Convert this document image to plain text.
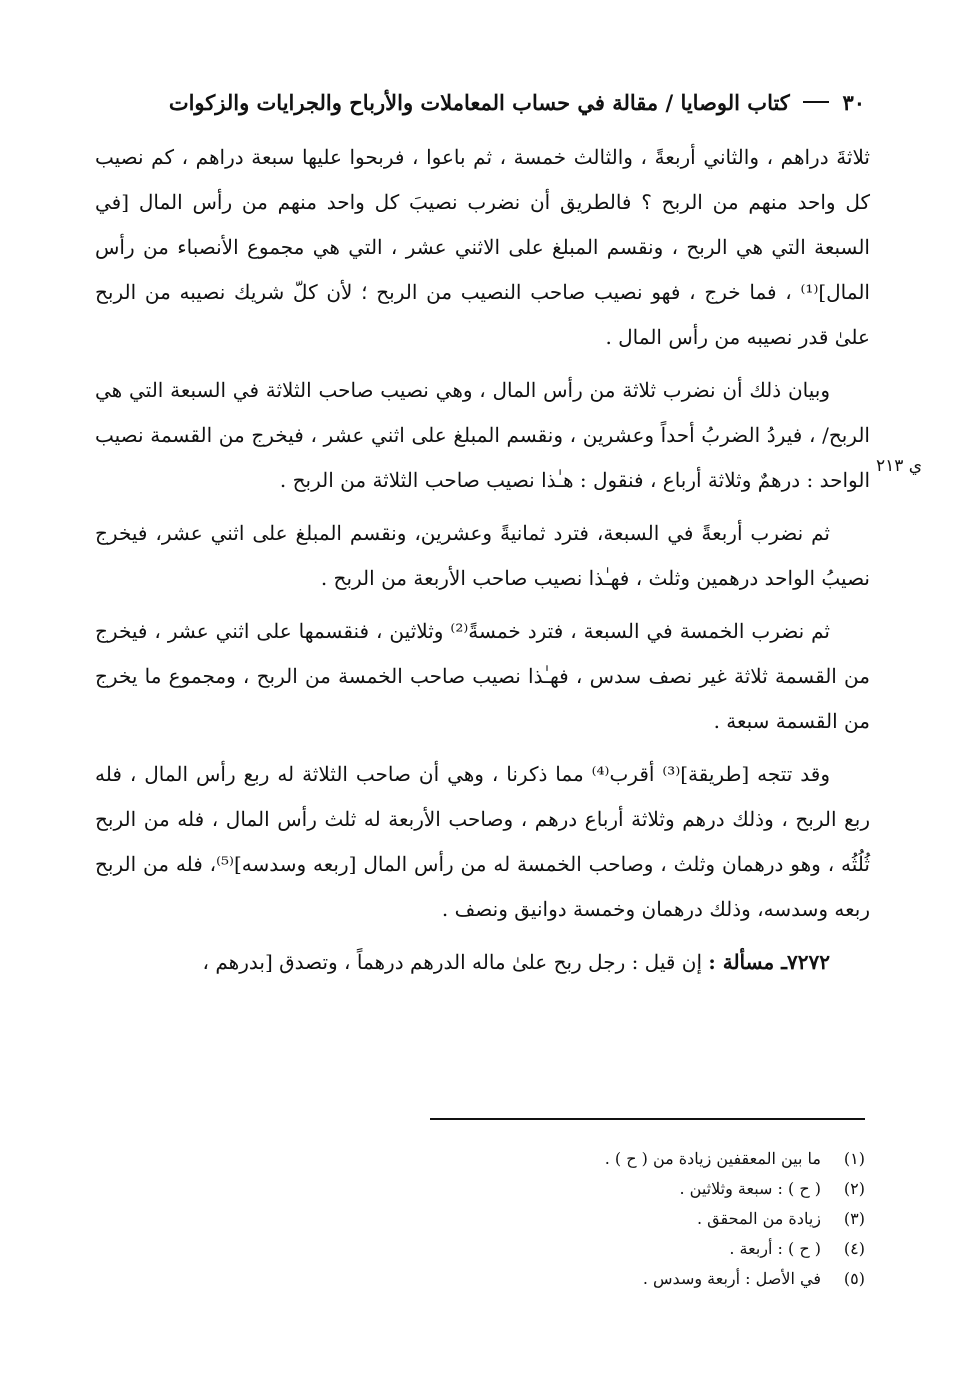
٣٠  كتاب الوصايا / مقالة في حساب المعاملات والأرباح والجرايات والزكوات
ي ٢١٣

ثلاثةَ دراهم ، والثاني أربعةً ، والثالث خمسة ، ثم باعوا ، فربحوا عليها سبعة دراهم ، كم نصيب كل واحد منهم من الربح ؟ فالطريق أن نضرب نصيبَ كل واحد منهم من رأس المال [في السبعة التي هي الربح ، ونقسم المبلغ على الاثني عشر ، التي هي مجموع الأنصباء من رأس المال]⁽¹⁾ ، فما خرج ، فهو نصيب صاحب النصيب من الربح ؛ لأن كلّ شريك نصيبه من الربح علىٰ قدر نصيبه من رأس المال .

وبيان ذلك أن نضرب ثلاثة من رأس المال ، وهي نصيب صاحب الثلاثة في السبعة التي هي الربح/ ، فيردُ الضربُ أحداً وعشرين ، ونقسم المبلغ على اثني عشر ، فيخرج من القسمة نصيب الواحد : درهمٌ وثلاثة أرباع ، فنقول : هـٰذا نصيب صاحب الثلاثة من الربح .

ثم نضرب أربعةً في السبعة، فترد ثمانيةً وعشرين، ونقسم المبلغ على اثني عشر، فيخرج نصيبُ الواحد درهمين وثلث ، فهـٰذا نصيب صاحب الأربعة من الربح .

ثم نضرب الخمسة في السبعة ، فترد خمسةً⁽²⁾ وثلاثين ، فنقسمها على اثني عشر ، فيخرج من القسمة ثلاثة غير نصف سدس ، فهـٰذا نصيب صاحب الخمسة من الربح ، ومجموع ما يخرج من القسمة سبعة .

وقد تتجه [طريقة]⁽³⁾ أقرب⁽⁴⁾ مما ذكرنا ، وهي أن صاحب الثلاثة له ربع رأس المال ، فله ربع الربح ، وذلك درهم وثلاثة أرباع درهم ، وصاحب الأربعة له ثلث رأس المال ، فله من الربح ثُلُثُه ، وهو درهمان وثلث ، وصاحب الخمسة له من رأس المال [ربعه وسدسه]⁽⁵⁾، فله من الربح ربعه وسدسه، وذلك درهمان وخمسة دوانيق ونصف .

٧٢٧٢ـ مسألة : إن قيل : رجل ربح علىٰ ماله الدرهم درهماً ، وتصدق [بدرهم ،

(١)ما بين المعقفين زيادة من ( ح ) .
(٢)( ح ) : سبعة وثلاثين .
(٣)زيادة من المحقق .
(٤)( ح ) : أربعة .
(٥)في الأصل : أربعة وسدس .
